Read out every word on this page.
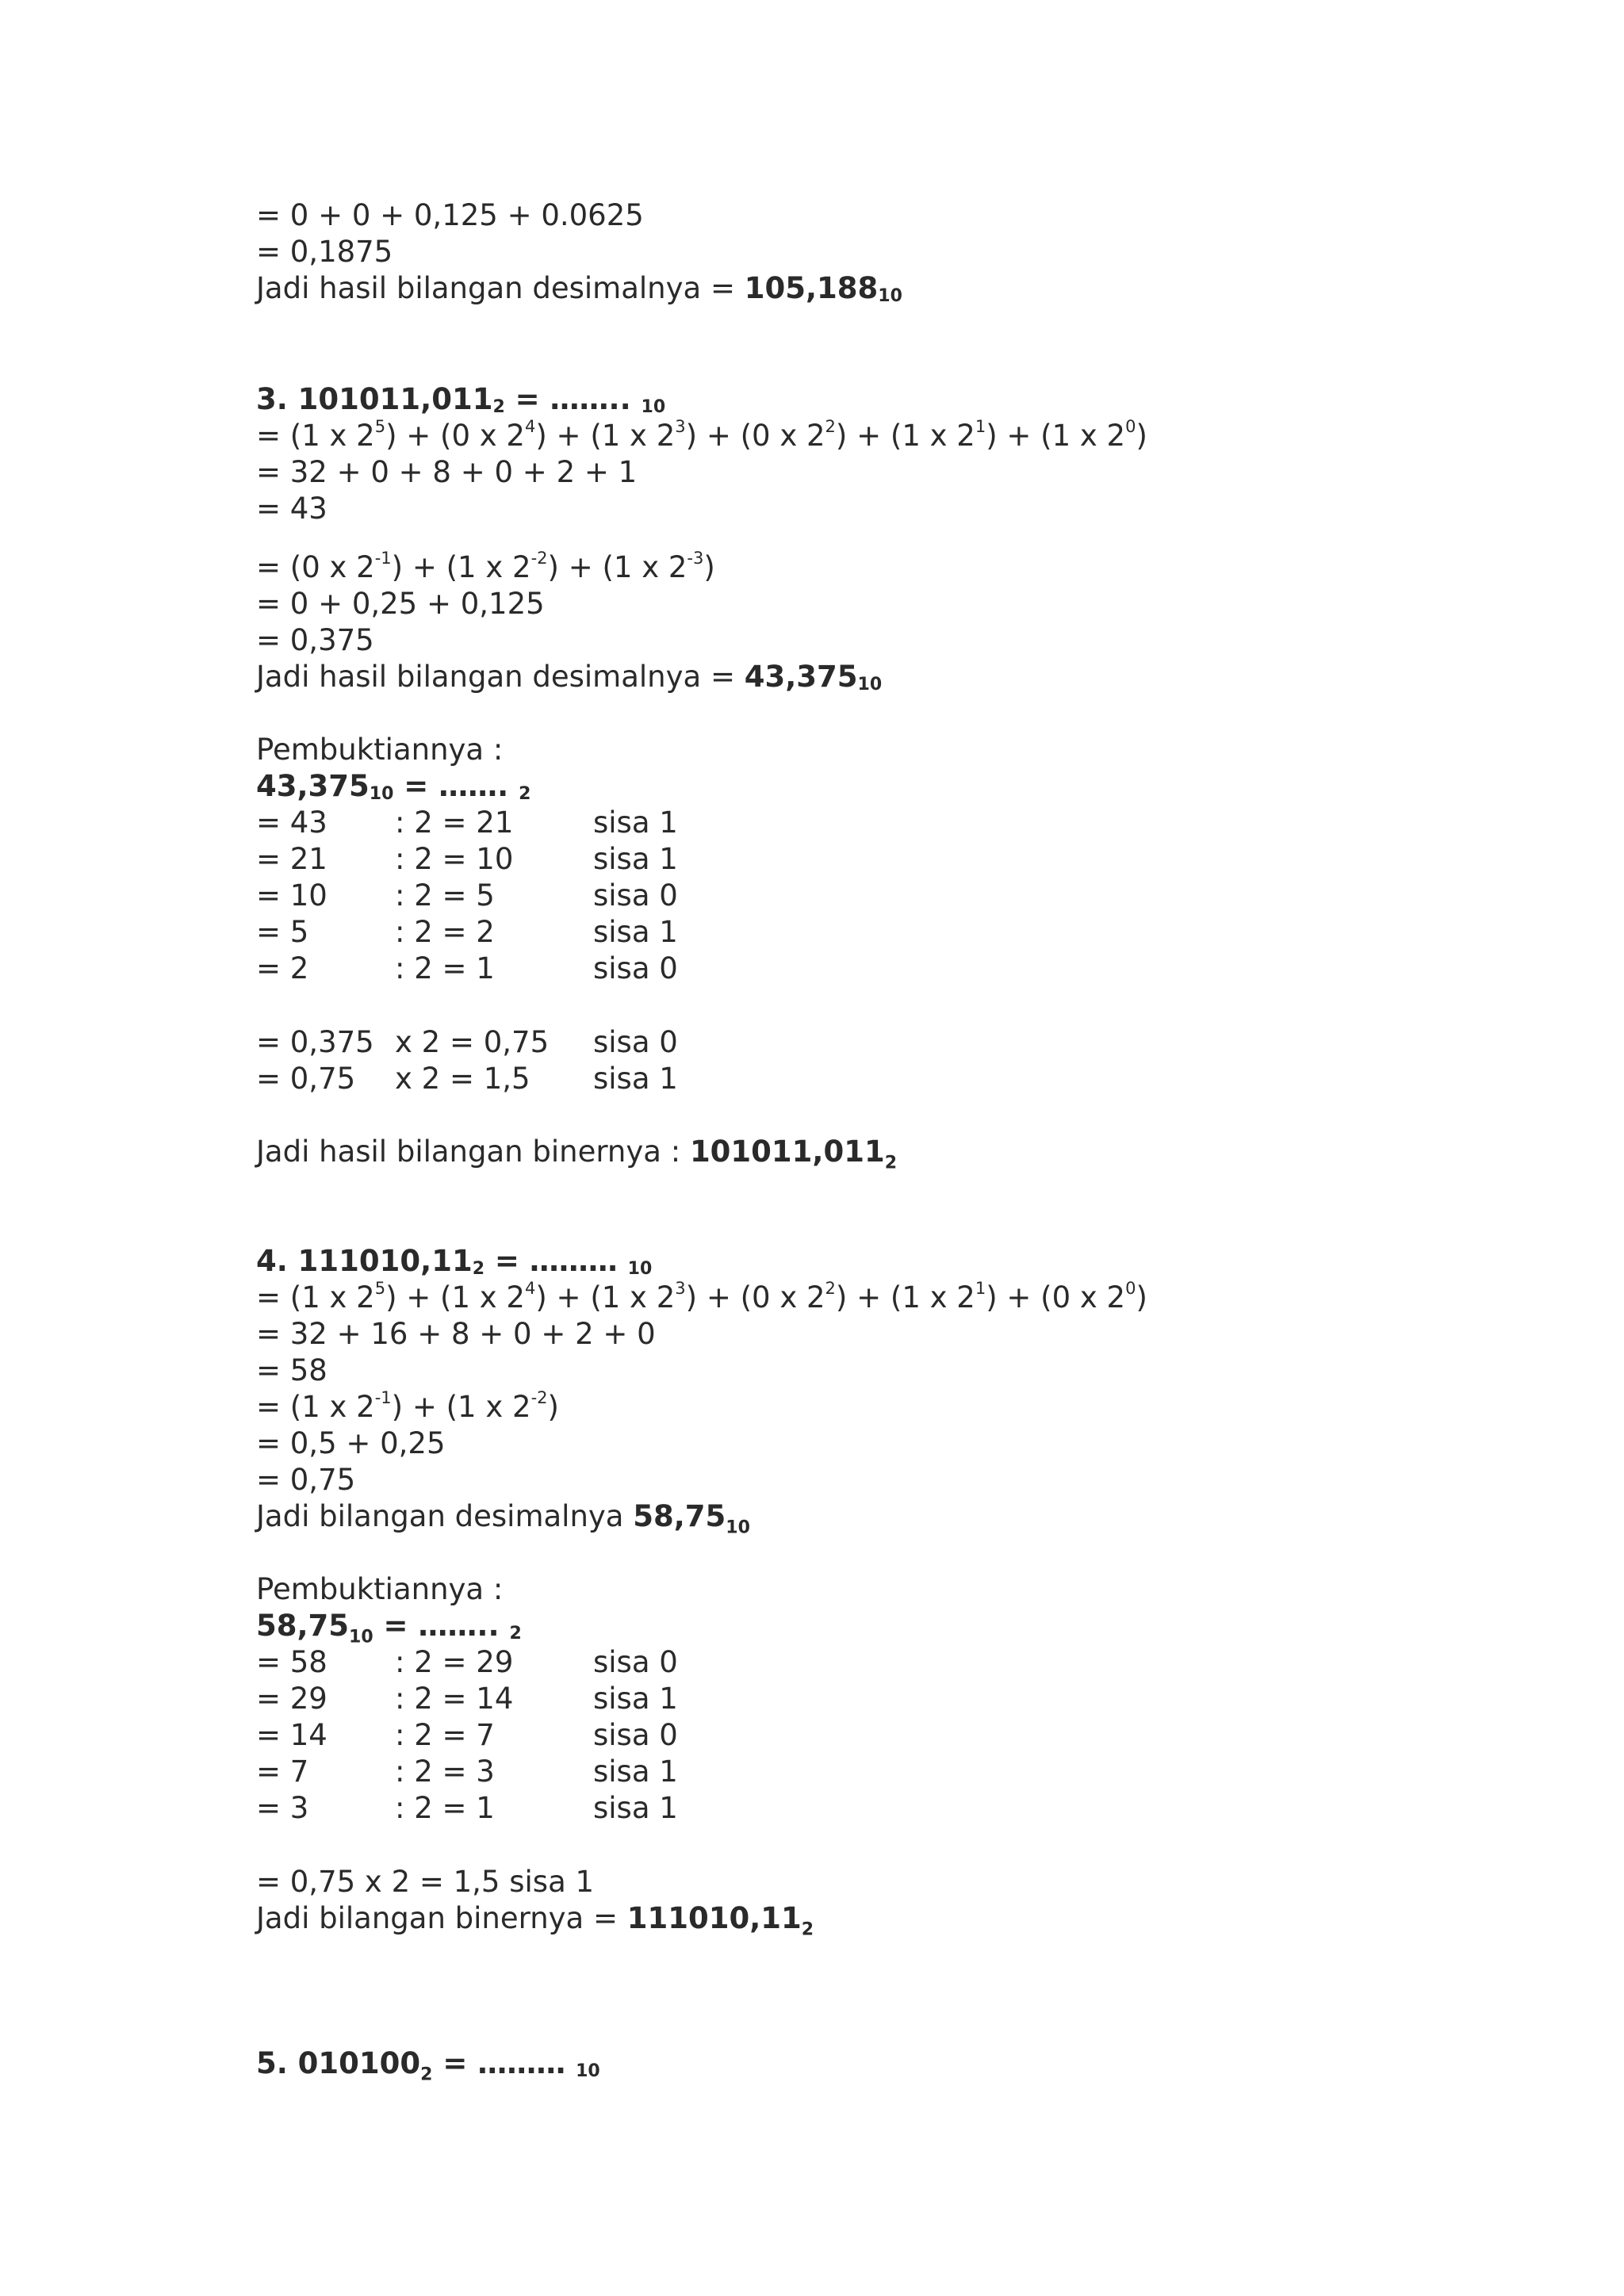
= 0 + 0 + 0,125 + 0.0625
= 0,1875
Jadi hasil bilangan desimalnya = 105,18810
3. 101011,0112 = …….. 10
= (1 x $2^5) + (0$ x $2^4) + (1$ x $2^3) + (0$ x $2^2) + (1$ x $2^1) + (1$ x $2^0$)
= 32 + 0 + 8 + 0 + 2 + 1
= 43
= (0 x $2^{-1}) + (1$ x $2^{-2}) + (1$ x $2^{-3}$)
= 0 + 0,25 + 0,125
= 0,375
Jadi hasil bilangan desimalnya = 43,37510
Pembuktiannya :
43,37510 = ……. 2
= 43 : 2 = 21	sisa 1
= 21 : 2 = 10	sisa 1
= 10 : 2 = 5	sisa 0
= 5	: 2 = 2	sisa 1
= 2	: 2 = 1	sisa 0
= 0,375 x 2 = 0,75 sisa 0
= 0,75 x 2 = 1,5 sisa 1
Jadi hasil bilangan binernya : $101011,011_2$
4. 111010,112 = ……… 10
= (1 x $2^5) + (1$ x $2^4) + (1$ x $2^3) + (0$ x $2^2) + (1$ x $2^1) + (0$ x $2^0$)
= 32 + 16 + 8 + 0 + 2 + 0
= 58
= (1 x $2^{-1}) + (1$ x $2^{-2}$)
= 0,5 + 0,25
= 0,75
Jadi bilangan desimalnya $58,75_{10}$
Pembuktiannya :
$58,75_{10}$ = …….. 2
= 58 : 2 = 29	sisa 0
= 29 : 2 = 14	sisa 1
= 14 : 2 = 7	sisa 0
= 7	: 2 = 3	sisa 1
= 3	: 2 = 1	sisa 1
= 0,75 x 2 = 1,5 sisa 1
Jadi bilangan binernya = $111010,11_2$
5. $010100_2$ = ……… 10
